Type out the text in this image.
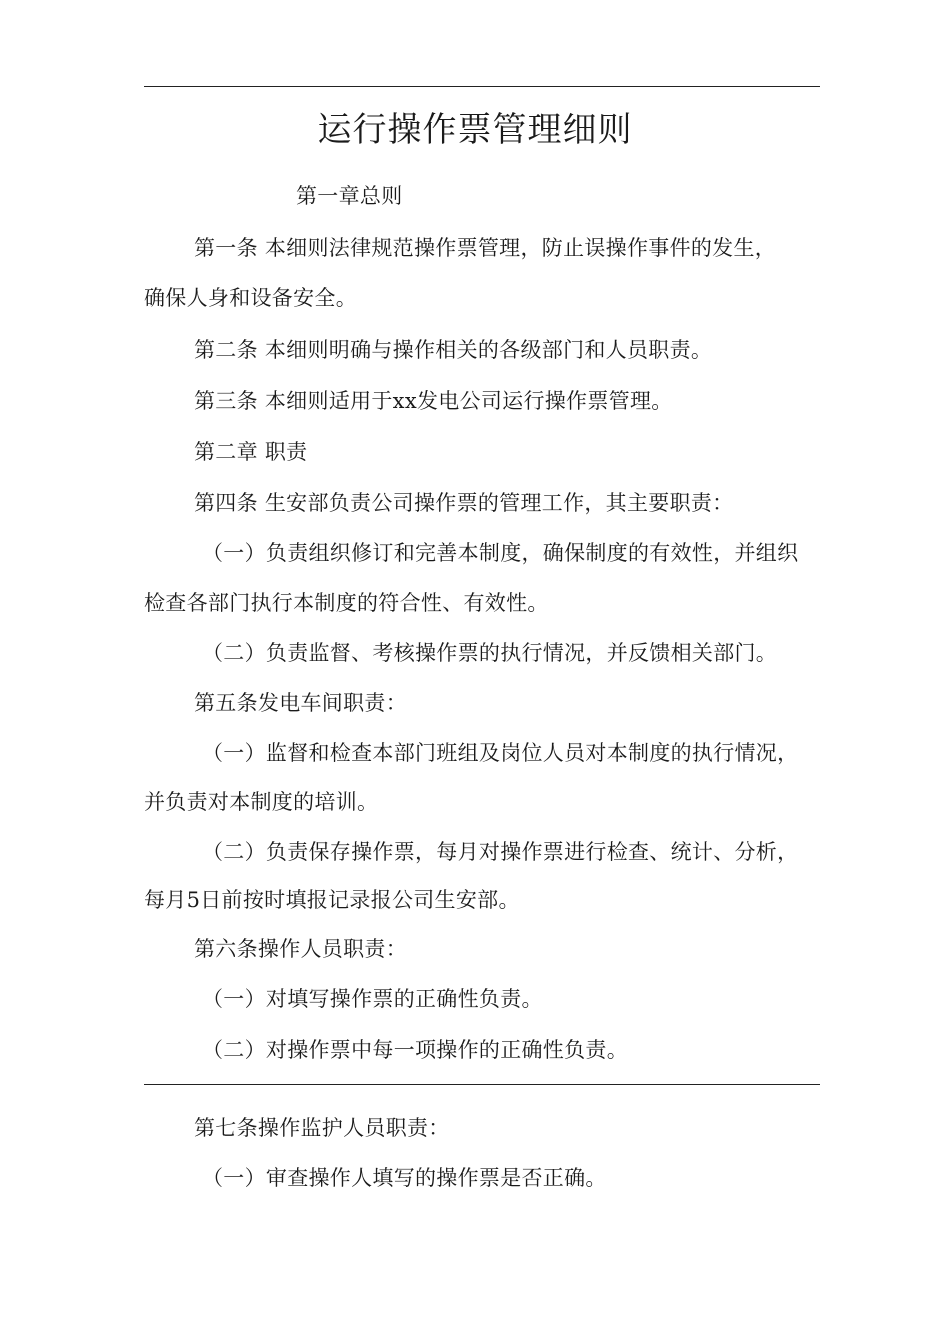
运行操作票管理细则
第一章总则
第一条 本细则法律规范操作票管理，防止误操作事件的发生，
确保人身和设备安全。
第二条 本细则明确与操作相关的各级部门和人员职责。
第三条 本细则适用于xx发电公司运行操作票管理。
第二章 职责
第四条 生安部负责公司操作票的管理工作，其主要职责：
（一）负责组织修订和完善本制度，确保制度的有效性，并组织
检查各部门执行本制度的符合性、有效性。
（二）负责监督、考核操作票的执行情况，并反馈相关部门。
第五条发电车间职责：
（一）监督和检查本部门班组及岗位人员对本制度的执行情况，
并负责对本制度的培训。
（二）负责保存操作票，每月对操作票进行检查、统计、分析，
每月5日前按时填报记录报公司生安部。
第六条操作人员职责：
（一）对填写操作票的正确性负责。
（二）对操作票中每一项操作的正确性负责。
第七条操作监护人员职责：
（一）审查操作人填写的操作票是否正确。
